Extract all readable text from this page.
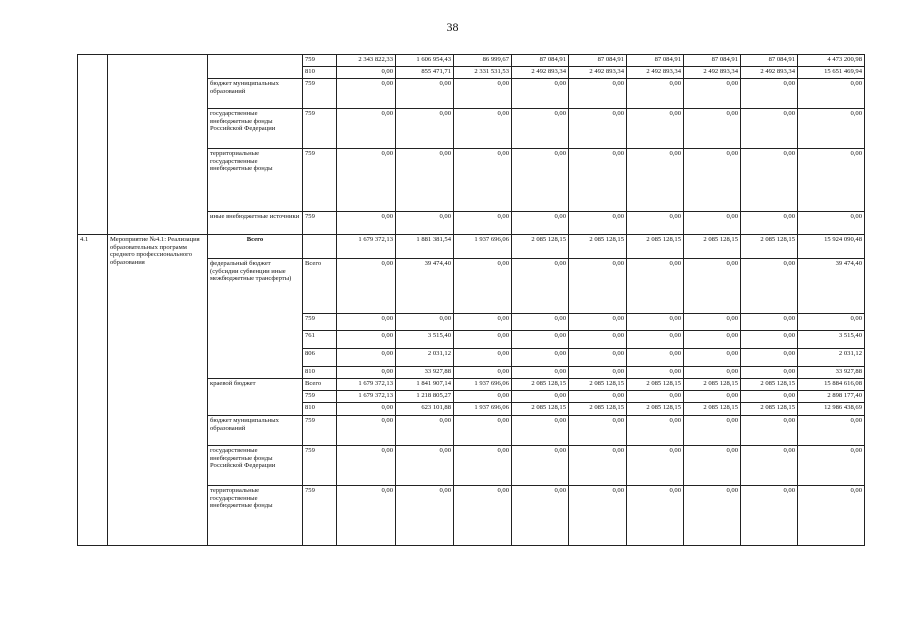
38
			759	2 343 822,33	1 606 954,43	86 999,67	87 084,91	87 084,91	87 084,91	87 084,91	87 084,91	4 473 200,98
			810	0,00	855 471,71	2 331 531,53	2 492 893,34	2 492 893,34	2 492 893,34	2 492 893,34	2 492 893,34	15 651 469,94
		бюджет муниципальных образований	759	0,00	0,00	0,00	0,00	0,00	0,00	0,00	0,00	0,00
		государственные внебюджетные фонды Российской Федерации	759	0,00	0,00	0,00	0,00	0,00	0,00	0,00	0,00	0,00
		территориальные государственные внебюджетные фонды	759	0,00	0,00	0,00	0,00	0,00	0,00	0,00	0,00	0,00
		иные внебюджетные источники	759	0,00	0,00	0,00	0,00	0,00	0,00	0,00	0,00	0,00
4.1	Мероприятие №4.1: Реализация образовательных программ среднего профессионального образования	Всего		1 679 372,13	1 881 381,54	1 937 696,06	2 085 128,15	2 085 128,15	2 085 128,15	2 085 128,15	2 085 128,15	15 924 090,48
		федеральный бюджет (субсидии субвенции иные межбюджетные трансферты)	Всего	0,00	39 474,40	0,00	0,00	0,00	0,00	0,00	0,00	39 474,40
			759	0,00	0,00	0,00	0,00	0,00	0,00	0,00	0,00	0,00
			761	0,00	3 515,40	0,00	0,00	0,00	0,00	0,00	0,00	3 515,40
			806	0,00	2 031,12	0,00	0,00	0,00	0,00	0,00	0,00	2 031,12
			810	0,00	33 927,88	0,00	0,00	0,00	0,00	0,00	0,00	33 927,88
		краевой бюджет	Всего	1 679 372,13	1 841 907,14	1 937 696,06	2 085 128,15	2 085 128,15	2 085 128,15	2 085 128,15	2 085 128,15	15 884 616,08
			759	1 679 372,13	1 218 805,27	0,00	0,00	0,00	0,00	0,00	0,00	2 898 177,40
			810	0,00	623 101,88	1 937 696,06	2 085 128,15	2 085 128,15	2 085 128,15	2 085 128,15	2 085 128,15	12 986 438,69
		бюджет муниципальных образований	759	0,00	0,00	0,00	0,00	0,00	0,00	0,00	0,00	0,00
		государственные внебюджетные фонды Российской Федерации	759	0,00	0,00	0,00	0,00	0,00	0,00	0,00	0,00	0,00
		территориальные государственные внебюджетные фонды	759	0,00	0,00	0,00	0,00	0,00	0,00	0,00	0,00	0,00
